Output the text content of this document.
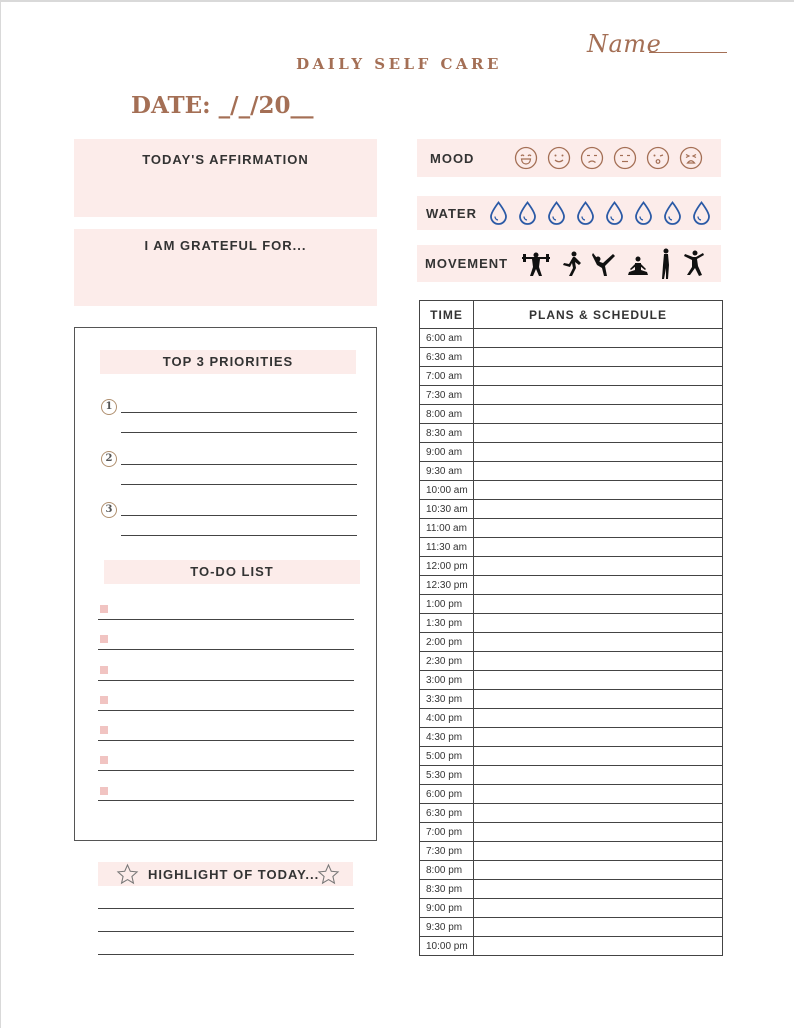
Name
DAILY SELF CARE
DATE: _/_/20__
TODAY'S AFFIRMATION
I AM GRATEFUL FOR...
MOOD
WATER
MOVEMENT
TOP 3 PRIORITIES
1
2
3
TO-DO LIST
HIGHLIGHT OF TODAY...
TIME	PLANS & SCHEDULE
6:00 am	
6:30 am	
7:00 am	
7:30 am	
8:00 am	
8:30 am	
9:00 am	
9:30 am	
10:00 am	
10:30 am	
11:00 am	
11:30 am	
12:00 pm	
12:30 pm	
1:00 pm	
1:30 pm	
2:00 pm	
2:30 pm	
3:00 pm	
3:30 pm	
4:00 pm	
4:30 pm	
5:00 pm	
5:30 pm	
6:00 pm	
6:30 pm	
7:00 pm	
7:30 pm	
8:00 pm	
8:30 pm	
9:00 pm	
9:30 pm	
10:00 pm	
